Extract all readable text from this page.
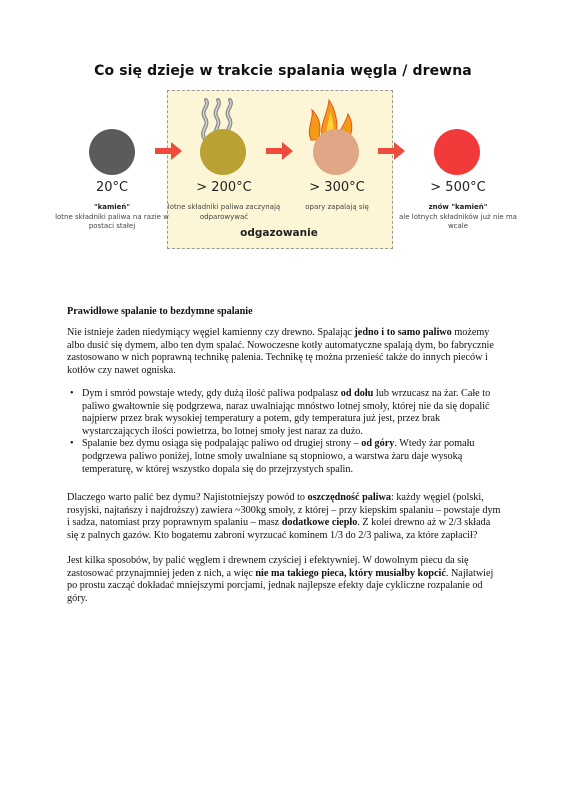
Co się dzieje w trakcie spalania węgla / drewna
20°C	> 200°C	> 300°C	> 500°C
"kamień"
lotne składniki paliwa na razie w postaci stałej
lotne składniki paliwa zaczynają odparowywać
opary zapalają się	znów "kamień"
ale lotnych składników już nie ma wcale
odgazowanie
Prawidłowe spalanie to bezdymne spalanie

Nie istnieje żaden niedymiący węgiel kamienny czy drewno. Spalając jedno i to samo paliwo możemy albo dusić się dymem, albo ten dym spalać. Nowoczesne kotły automatyczne spalają dym, bo fabrycznie zastosowano w nich poprawną technikę palenia. Technikę tę można przenieść także do innych pieców i kotłów czy nawet ogniska.

• Dym i smród powstaje wtedy, gdy dużą ilość paliwa podpalasz od dołu lub wrzucasz na żar. Całe to paliwo gwałtownie się podgrzewa, naraz uwalniając mnóstwo lotnej smoły, której nie da się dopalić najpierw przez brak wysokiej temperatury a potem, gdy temperatura już jest, przez brak wystarczających ilości powietrza, bo lotnej smoły jest naraz za dużo.
• Spalanie bez dymu osiąga się podpalając paliwo od drugiej strony – od góry. Wtedy żar pomału podgrzewa paliwo poniżej, lotne smoły uwalniane są stopniowo, a warstwa żaru daje wysoką temperaturę, w której wszystko dopala się do przejrzystych spalin.

Dlaczego warto palić bez dymu? Najistotniejszy powód to oszczędność paliwa: każdy węgiel (polski, rosyjski, najtańszy i najdroższy) zawiera ~300kg smoły, z której – przy kiepskim spalaniu – powstaje dym i sadza, natomiast przy poprawnym spalaniu – masz dodatkowe ciepło. Z kolei drewno aż w 2/3 składa się z palnych gazów. Kto bogatemu zabroni wyrzucać kominem 1/3 do 2/3 paliwa, za które zapłacił?

Jest kilka sposobów, by palić węglem i drewnem czyściej i efektywniej. W dowolnym piecu da się zastosować przynajmniej jeden z nich, a więc nie ma takiego pieca, który musiałby kopcić. Najłatwiej po prostu zacząć dokładać mniejszymi porcjami, jednak najlepsze efekty daje cykliczne rozpalanie od góry.
